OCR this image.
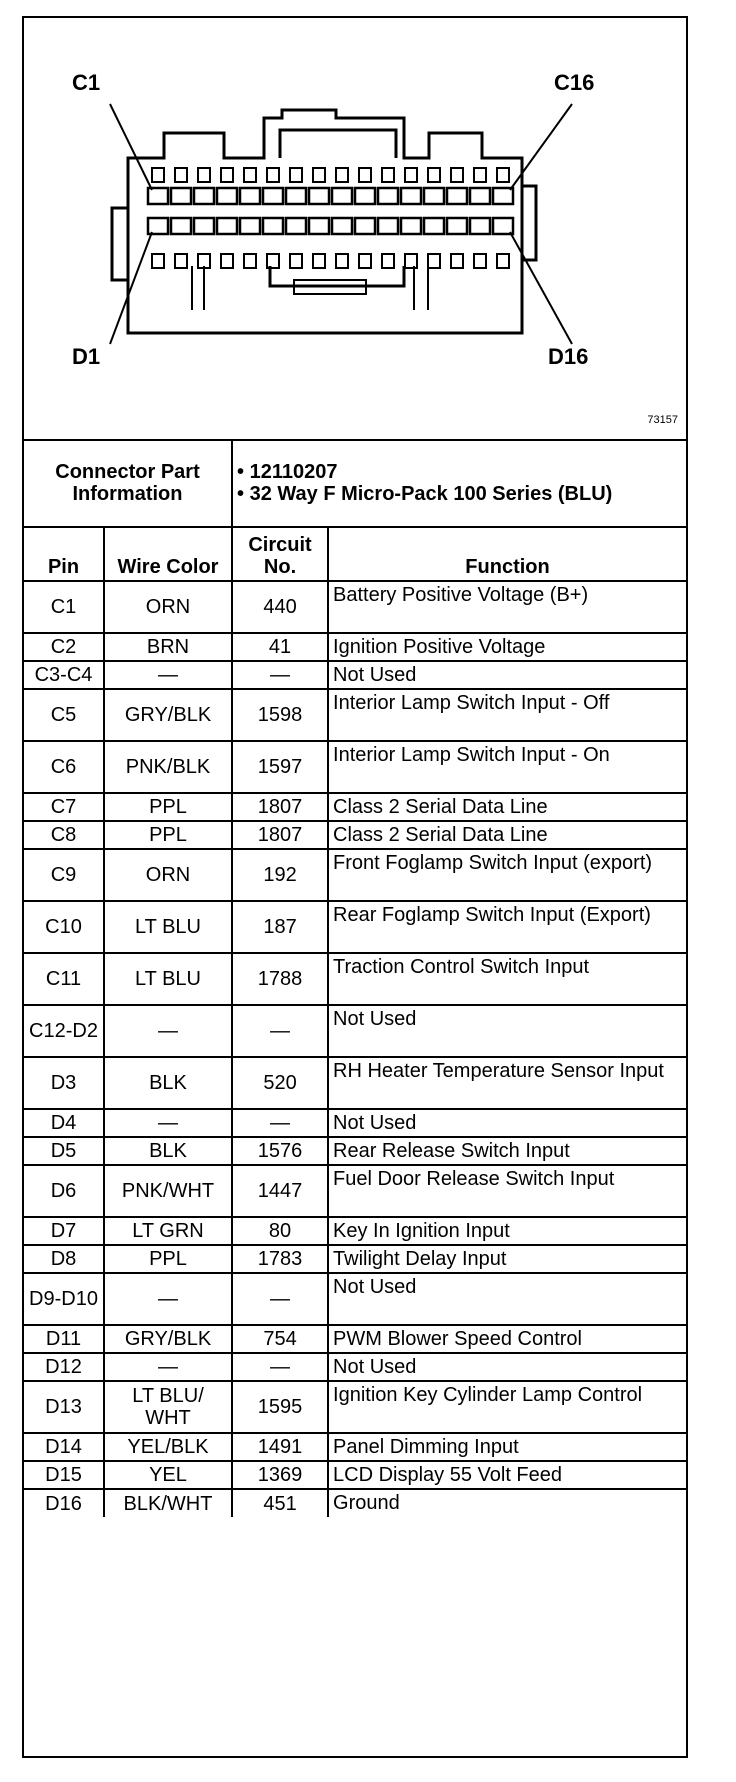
C1	C16
D1	D16
73157
Connector Part Information		• 12110207
• 32 Way F Micro-Pack 100 Series (BLU)	

Pin	Wire Color	Circuit No.	Function
C1	ORN	440	Battery Positive Voltage (B+)
C2	BRN	41	Ignition Positive Voltage
C3-C4	—	—	Not Used
C5	GRY/BLK	1598	Interior Lamp Switch Input - Off
C6	PNK/BLK	1597	Interior Lamp Switch Input - On
C7	PPL	1807	Class 2 Serial Data Line
C8	PPL	1807	Class 2 Serial Data Line
C9	ORN	192	Front Foglamp Switch Input (export)
C10	LT BLU	187	Rear Foglamp Switch Input (Export)
C11	LT BLU	1788	Traction Control Switch Input
C12-D2	—	—	Not Used
D3	BLK	520	RH Heater Temperature Sensor Input
D4	—	—	Not Used
D5	BLK	1576	Rear Release Switch Input
D6	PNK/WHT	1447	Fuel Door Release Switch Input
D7	LT GRN	80	Key In Ignition Input
D8	PPL	1783	Twilight Delay Input
D9-D10	—	—	Not Used
D11	GRY/BLK	754	PWM Blower Speed Control
D12	—	—	Not Used
D13	LT BLU/ WHT	1595	Ignition Key Cylinder Lamp Control
D14	YEL/BLK	1491	Panel Dimming Input
D15	YEL	1369	LCD Display 55 Volt Feed
D16	BLK/WHT	451	Ground
